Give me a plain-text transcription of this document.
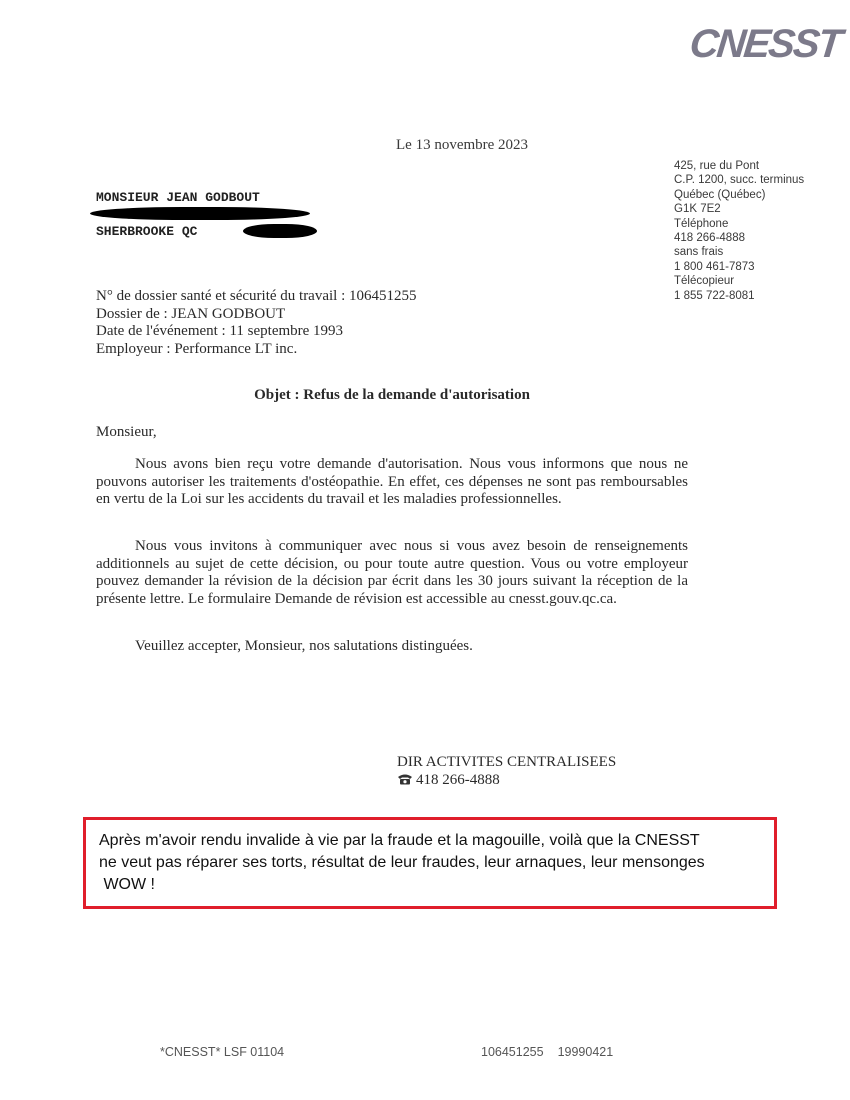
CNESST
Le 13 novembre 2023
425, rue du Pont
C.P. 1200, succ. terminus
Québec (Québec)
G1K 7E2
Téléphone
418 266-4888
sans frais
1 800 461-7873
Télécopieur
1 855 722-8081
MONSIEUR JEAN GODBOUT
SHERBROOKE QC
N° de dossier santé et sécurité du travail : 106451255
Dossier de : JEAN GODBOUT
Date de l'événement : 11 septembre 1993
Employeur : Performance LT inc.
Objet : Refus de la demande d'autorisation
Monsieur,
Nous avons bien reçu votre demande d'autorisation. Nous vous informons que nous ne pouvons autoriser les traitements d'ostéopathie. En effet, ces dépenses ne sont pas remboursables en vertu de la Loi sur les accidents du travail et les maladies professionnelles.
Nous vous invitons à communiquer avec nous si vous avez besoin de renseignements additionnels au sujet de cette décision, ou pour toute autre question. Vous ou votre employeur pouvez demander la révision de la décision par écrit dans les 30 jours suivant la réception de la présente lettre. Le formulaire Demande de révision est accessible au cnesst.gouv.qc.ca.
Veuillez accepter, Monsieur, nos salutations distinguées.
DIR ACTIVITES CENTRALISEES
418 266-4888
Après m'avoir rendu invalide à vie par la fraude et la magouille, voilà que la CNESST
ne veut pas réparer ses torts, résultat de leur fraudes, leur arnaques, leur mensonges
WOW !
*CNESST* LSF 01104	106451255 19990421
